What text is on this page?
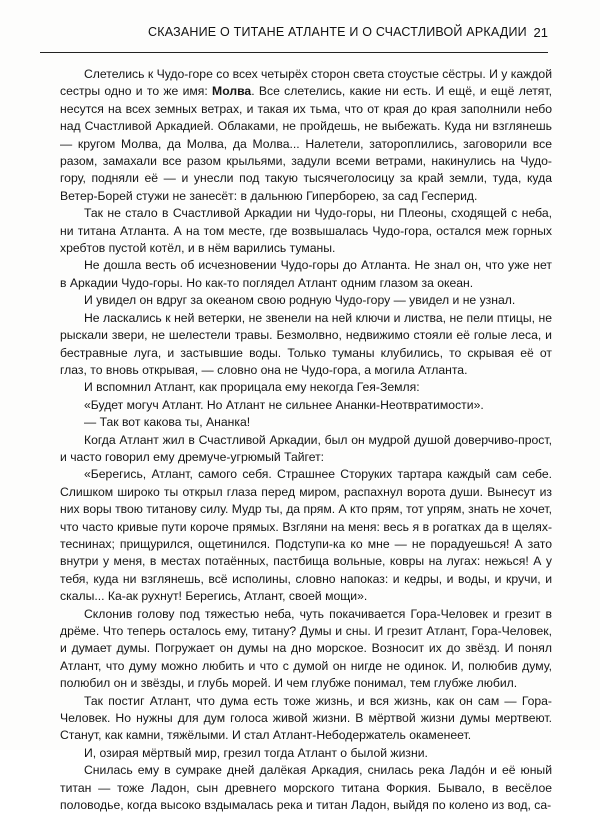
СКАЗАНИЕ О ТИТАНЕ АТЛАНТЕ И О СЧАСТЛИВОЙ АРКАДИИ 21

Слетелись к Чудо-горе со всех четырёх сторон света стоустые сёстры. И у каждой сестры одно и то же имя: Молва. Все слетелись, какие ни есть. И ещё, и ещё летят, несутся на всех земных ветрах, и такая их тьма, что от края до края заполнили небо над Счастливой Аркадией. Облаками, не пройдешь, не выбежать. Куда ни взглянешь — кругом Молва, да Молва, да Молва... Налетели, затороплились, заговорили все разом, замахали все разом крыльями, задули всеми ветрами, накинулись на Чудо-гору, подняли её — и унесли под такую тысячеголосицу за край земли, туда, куда Ветер-Борей стужи не занесёт: в дальнюю Гиперборею, за сад Гесперид.

Так не стало в Счастливой Аркадии ни Чудо-горы, ни Плеоны, сходящей с неба, ни титана Атланта. А на том месте, где возвышалась Чудо-гора, остался меж горных хребтов пустой котёл, и в нём варились туманы.

Не дошла весть об исчезновении Чудо-горы до Атланта. Не знал он, что уже нет в Аркадии Чудо-горы. Но как-то поглядел Атлант одним глазом за океан.

И увидел он вдруг за океаном свою родную Чудо-гору — увидел и не узнал.

Не ласкались к ней ветерки, не звенели на ней ключи и листва, не пели птицы, не рыскали звери, не шелестели травы. Безмолвно, недвижимо стояли её голые леса, и бестравные луга, и застывшие воды. Только туманы клубились, то скрывая её от глаз, то вновь открывая, — словно она не Чудо-гора, а могила Атланта.

И вспомнил Атлант, как прорицала ему некогда Гея-Земля:

«Будет могуч Атлант. Но Атлант не сильнее Ананки-Неотвратимости».

— Так вот какова ты, Ананка!

Когда Атлант жил в Счастливой Аркадии, был он мудрой душой доверчиво-прост, и часто говорил ему дремуче-угрюмый Тайгет:

«Берегись, Атлант, самого себя. Страшнее Сторуких тартара каждый сам себе. Слишком широко ты открыл глаза перед миром, распахнул ворота души. Вынесут из них воры твою титанову силу. Мудр ты, да прям. А кто прям, тот упрям, знать не хочет, что часто кривые пути короче прямых. Взгляни на меня: весь я в рогатках да в щелях-теснинах; прищурился, ощетинился. Подступи-ка ко мне — не порадуешься! А зато внутри у меня, в местах потаённых, пастбища вольные, ковры на лугах: нежься! А у тебя, куда ни взглянешь, всё исполины, словно напоказ: и кедры, и воды, и кручи, и скалы... Ка-ак рухнут! Берегись, Атлант, своей мощи».

Склонив голову под тяжестью неба, чуть покачивается Гора-Человек и грезит в дрёме. Что теперь осталось ему, титану? Думы и сны. И грезит Атлант, Гора-Человек, и думает думы. Погружает он думы на дно морское. Возносит их до звёзд. И понял Атлант, что думу можно любить и что с думой он нигде не одинок. И, полюбив думу, полюбил он и звёзды, и глубь морей. И чем глубже понимал, тем глубже любил.

Так постиг Атлант, что дума есть тоже жизнь, и вся жизнь, как он сам — Гора-Человек. Но нужны для дум голоса живой жизни. В мёртвой жизни думы мертвеют. Станут, как камни, тяжёлыми. И стал Атлант-Небодержатель окаменеет.

И, озирая мёртвый мир, грезил тогда Атлант о былой жизни.

Снилась ему в сумраке дней далёкая Аркадия, снилась река Ладóн и её юный титан — тоже Ладон, сын древнего морского титана Форкия. Бывало, в весёлое половодье, когда высоко вздымалась река и титан Ладон, выйдя по колено из вод, са-
